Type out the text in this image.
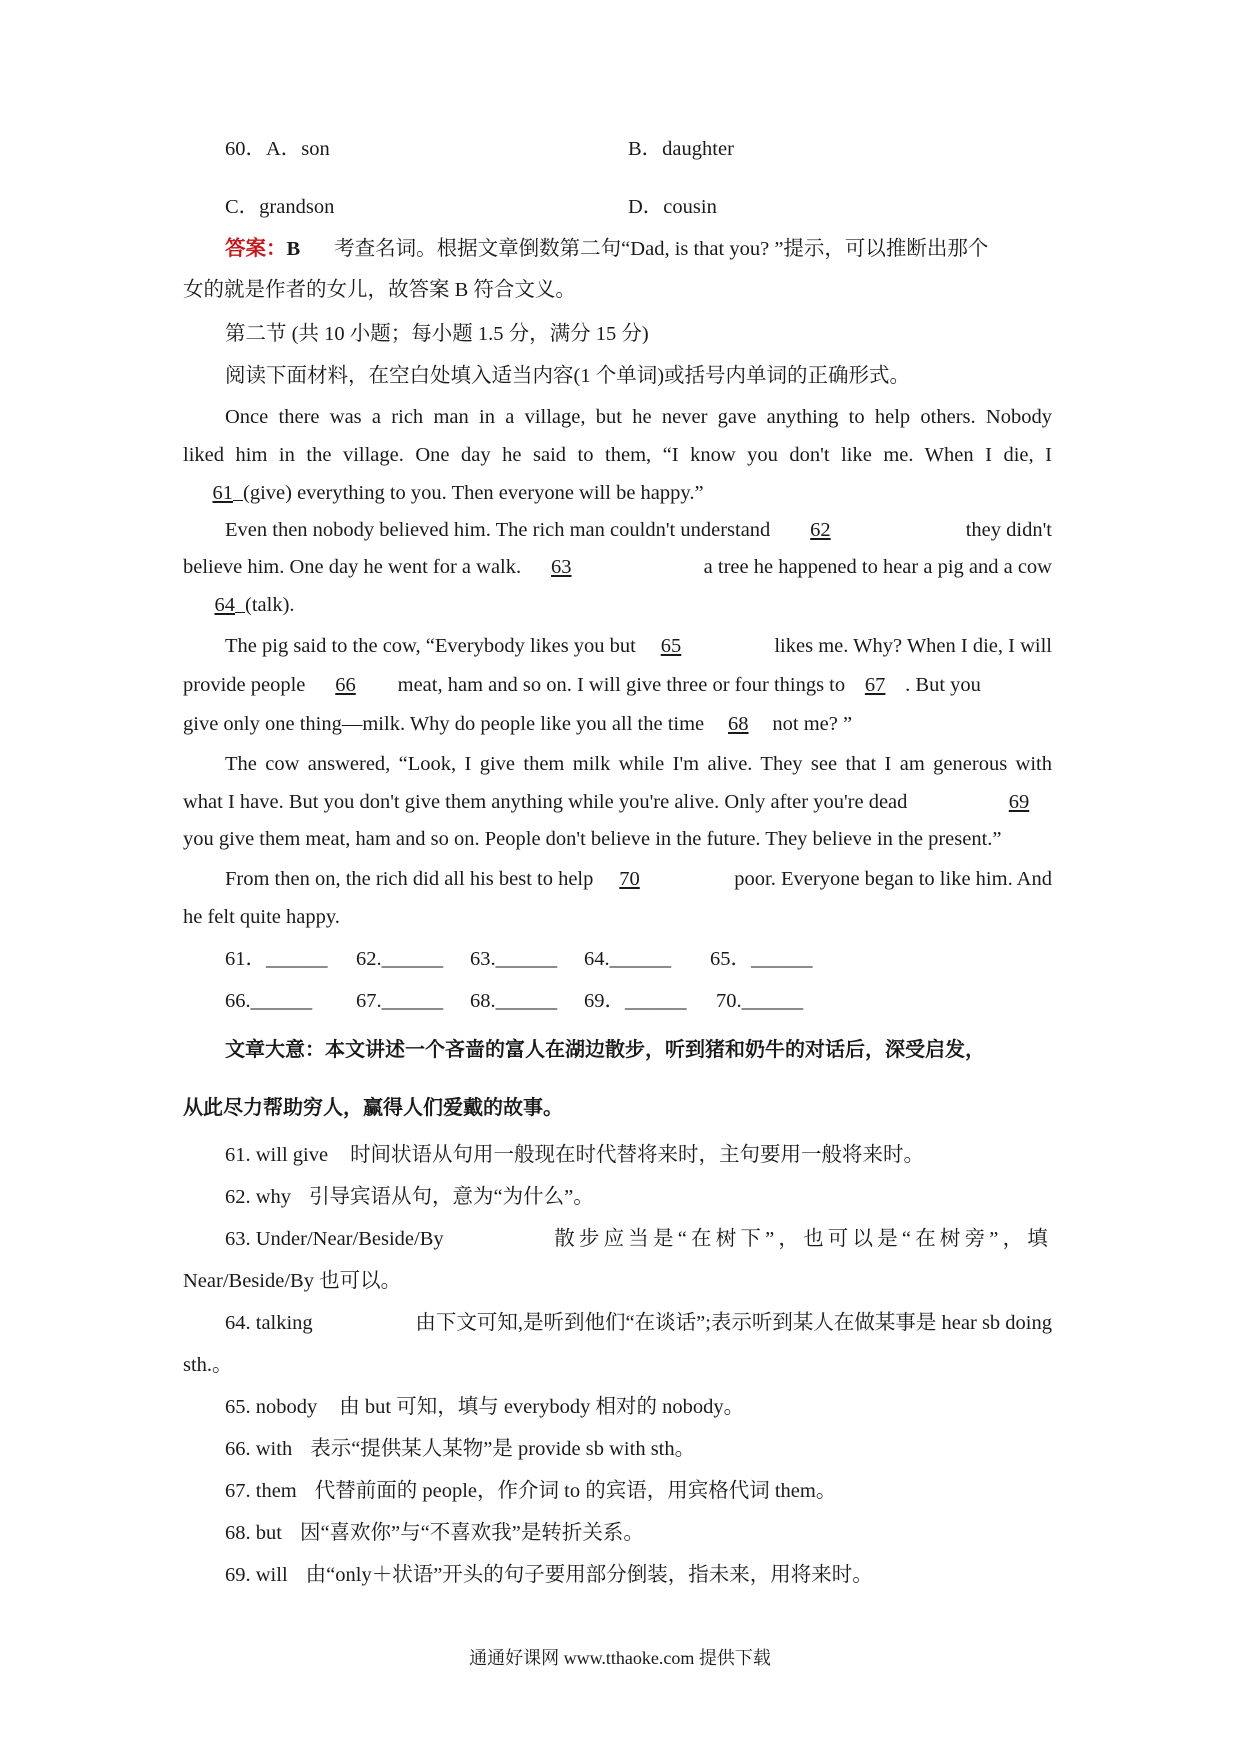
60．A．son	B．daughter
C．grandson	D．cousin
答案：B 考查名词。根据文章倒数第二句“Dad, is that you? ”提示，可以推断出那个
女的就是作者的女儿，故答案 B 符合文义。
第二节 (共 10 小题；每小题 1.5 分，满分 15 分)
阅读下面材料，在空白处填入适当内容(1 个单词)或括号内单词的正确形式。
Once there was a rich man in a village, but he never gave anything to help others. Nobody
liked him in the village. One day he said to them, “I know you don't like me. When I die, I
61 (give) everything to you. Then everyone will be happy.”
Even then nobody believed him. The rich man couldn't understand 62	they didn't
believe him. One day he went for a walk. 63	a tree he happened to hear a pig and a cow
64 (talk).
The pig said to the cow, “Everybody likes you but 65	likes me. Why? When I die, I will
provide people 66 meat, ham and so on. I will give three or four things to 67 . But you
give only one thing—milk. Why do people like you all the time 68 not me? ”
The cow answered, “Look, I give them milk while I'm alive. They see that I am generous with
what I have. But you don't give them anything while you're alive. Only after you're dead	69
you give them meat, ham and so on. People don't believe in the future. They believe in the present.”
From then on, the rich did all his best to help 70	poor. Everyone began to like him. And
he felt quite happy.
61．______ 62.______ 63.______ 64.______ 65．______
66.______ 67.______ 68.______ 69．______ 70.______
文章大意：本文讲述一个吝啬的富人在湖边散步，听到猪和奶牛的对话后，深受启发，
从此尽力帮助穷人，赢得人们爱戴的故事。
61. will give 时间状语从句用一般现在时代替将来时，主句要用一般将来时。
62. why 引导宾语从句，意为“为什么”。
63. Under/Near/Beside/By	散步应当是“在树下”，也可以是“在树旁”，填
Near/Beside/By 也可以。
64. talking	由下文可知,是听到他们“在谈话”;表示听到某人在做某事是 hear sb doing
sth.。
65. nobody 由 but 可知，填与 everybody 相对的 nobody。
66. with 表示“提供某人某物”是 provide sb with sth。
67. them 代替前面的 people，作介词 to 的宾语，用宾格代词 them。
68. but 因“喜欢你”与“不喜欢我”是转折关系。
69. will 由“only＋状语”开头的句子要用部分倒装，指未来，用将来时。
通通好课网 www.tthaoke.com 提供下载
